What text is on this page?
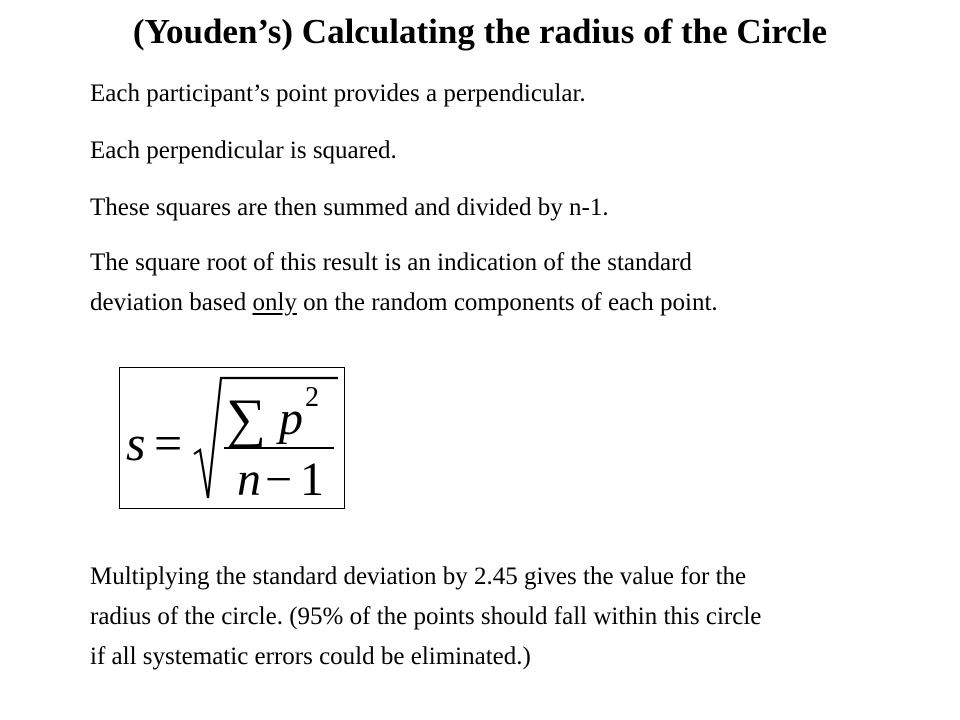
(Youden’s) Calculating the radius of the Circle

Each participant’s point provides a perpendicular.

Each perpendicular is squared.

These squares are then summed and divided by n-1.

The square root of this result is an indication of the standard deviation based only on the random components of each point.

s = ∑ p 2
n − 1

Multiplying the standard deviation by 2.45 gives the value for the radius of the circle. (95% of the points should fall within this circle if all systematic errors could be eliminated.)
